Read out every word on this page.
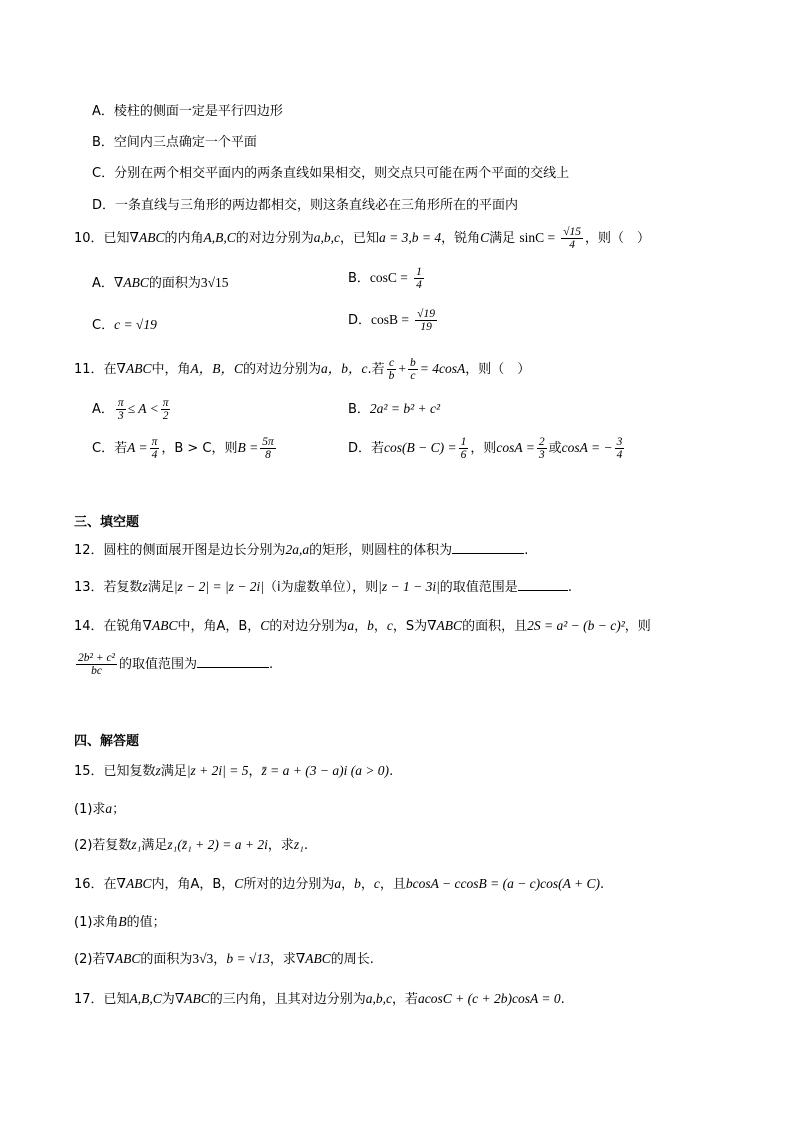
A．棱柱的侧面一定是平行四边形
B．空间内三点确定一个平面
C．分别在两个相交平面内的两条直线如果相交，则交点只可能在两个平面的交线上
D．一条直线与三角形的两边都相交，则这条直线必在三角形所在的平面内
10．已知∇ABC的内角A,B,C的对边分别为a,b,c，已知a = 3,b = 4，锐角C满足 $\sin C = \frac{√15}{4}$ ，则（　）
A．∇ABC的面积为3√15	B．$\cos C = \frac{1}{4}$
C．c = √19	D．$\cos B = \frac{√19}{19}$
11．在∇ABC中，角A，B，C的对边分别为a，b，c.若 $\frac{c}{b} + \frac{b}{c} = 4\cos A$，则（　）
A． $\frac{\pi}{3} \le A < \frac{\pi}{2}$	B．2a² = b² + c²
C．若$A = \frac{\pi}{4}$ ，B > C，则$B = \frac{5\pi}{8}$	D．若$\cos(B - C) = \frac{1}{6}$ ，则$\cos A = \frac{2}{3}$ 或cosA = − $\frac{3}{4}$
三、填空题
12．圆柱的侧面展开图是边长分别为2a,a的矩形，则圆柱的体积为	.
13．若复数z满足|z − 2| = |z − 2i|（i为虚数单位），则|z − 1 − 3i|的取值范围是	.
14．在锐角∇ABC中，角A，B，C的对边分别为a，b，c，S为∇ABC的面积，且2S = a² − (b − c)²，则
$\frac{\text{2b² + c²}}{bc}$ 的取值范围为	.
四、解答题
15．已知复数z满足|z + 2i| = 5，z̄ = a + (3 − a)i (a > 0).
(1)求a；
(2)若复数z₁满足z₁(z̄₁ + 2) = a + 2i，求z₁.
16．在∇ABC内，角A，B，C所对的边分别为a，b，c，且bcosA − ccosB = (a − c)cos(A + C).
(1)求角B的值；
(2)若∇ABC的面积为3√3，b = √13，求∇ABC的周长.
17．已知A,B,C为∇ABC的三内角，且其对边分别为a,b,c，若acosC + (c + 2b)cosA = 0.
